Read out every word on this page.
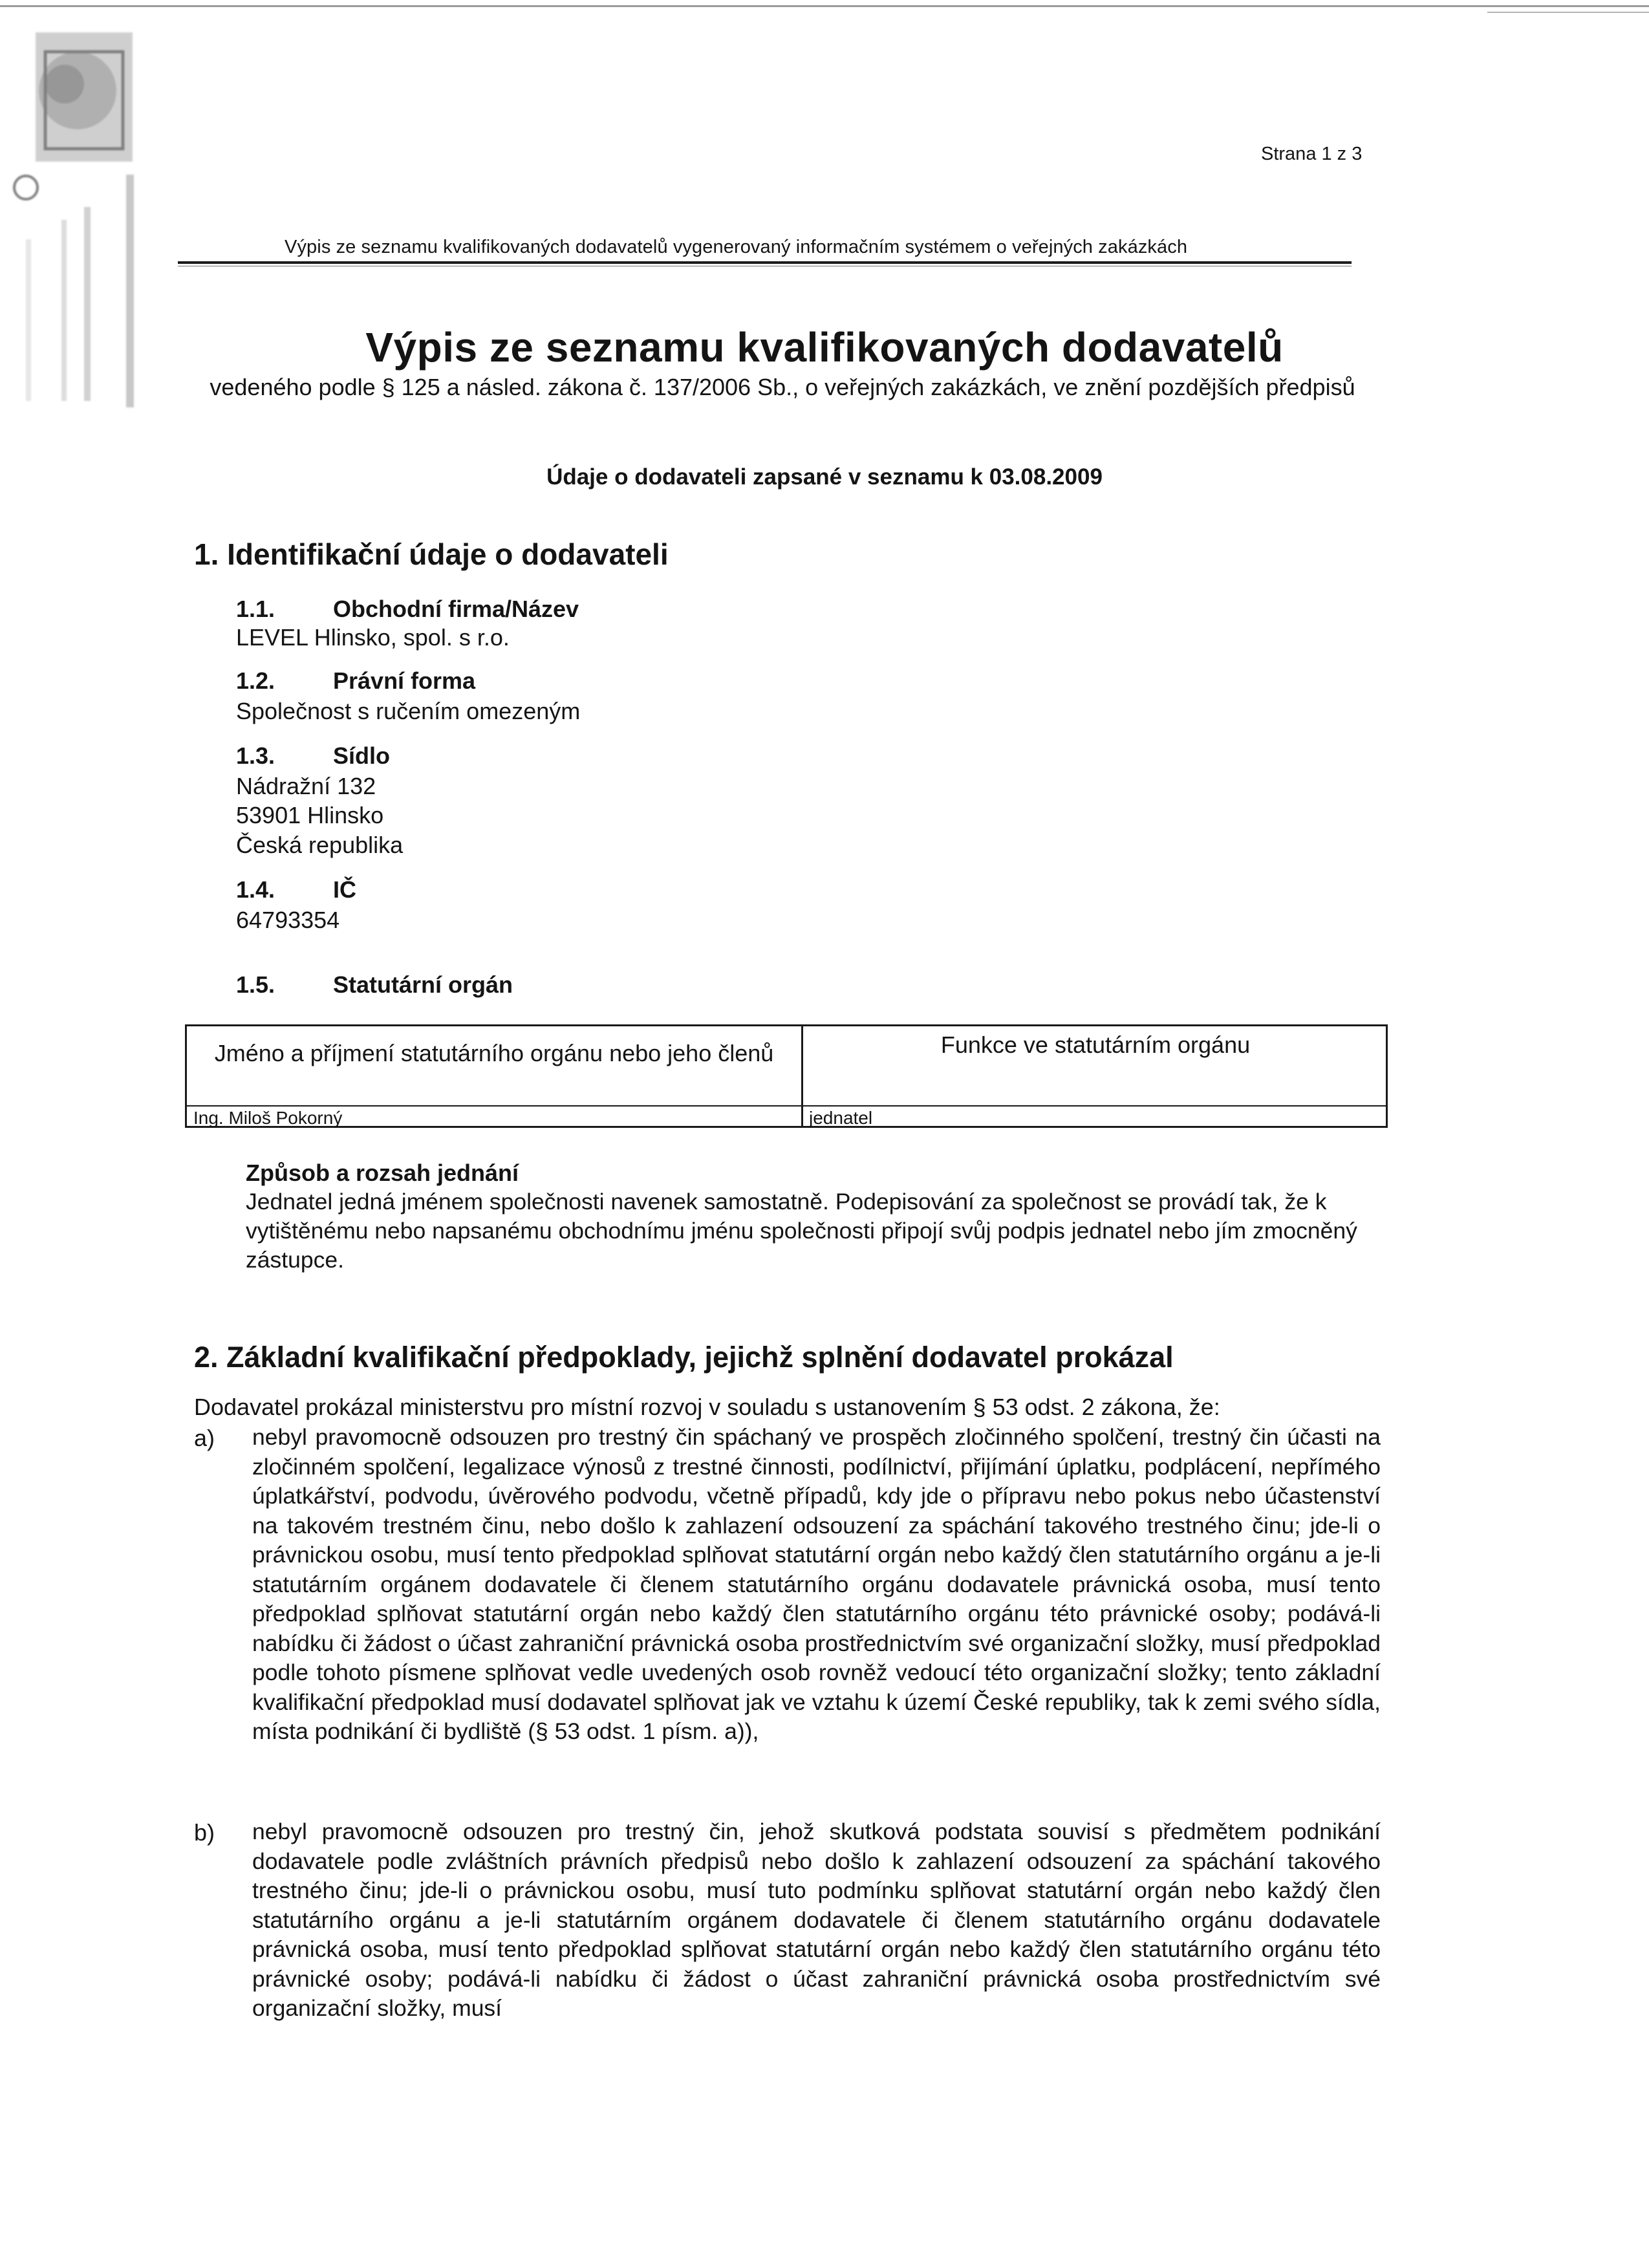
Strana 1 z 3
Výpis ze seznamu kvalifikovaných dodavatelů vygenerovaný informačním systémem o veřejných zakázkách
Výpis ze seznamu kvalifikovaných dodavatelů
vedeného podle § 125 a násled. zákona č. 137/2006 Sb., o veřejných zakázkách, ve znění pozdějších předpisů
Údaje o dodavateli zapsané v seznamu k 03.08.2009
1. Identifikační údaje o dodavateli
1.1. Obchodní firma/Název
LEVEL Hlinsko, spol. s r.o.
1.2. Právní forma
Společnost s ručením omezeným
1.3. Sídlo
Nádražní 132
53901 Hlinsko
Česká republika
1.4. IČ
64793354
1.5. Statutární orgán
Jméno a příjmení statutárního orgánu nebo jeho členů	Funkce ve statutárním orgánu
Ing. Miloš Pokorný	jednatel
Způsob a rozsah jednání
Jednatel jedná jménem společnosti navenek samostatně. Podepisování za společnost se provádí tak, že k vytištěnému nebo napsanému obchodnímu jménu společnosti připojí svůj podpis jednatel nebo jím zmocněný zástupce.
2. Základní kvalifikační předpoklady, jejichž splnění dodavatel prokázal
Dodavatel prokázal ministerstvu pro místní rozvoj v souladu s ustanovením § 53 odst. 2 zákona, že:
a) nebyl pravomocně odsouzen pro trestný čin spáchaný ve prospěch zločinného spolčení, trestný čin účasti na zločinném spolčení, legalizace výnosů z trestné činnosti, podílnictví, přijímání úplatku, podplácení, nepřímého úplatkářství, podvodu, úvěrového podvodu, včetně případů, kdy jde o přípravu nebo pokus nebo účastenství na takovém trestném činu, nebo došlo k zahlazení odsouzení za spáchání takového trestného činu; jde-li o právnickou osobu, musí tento předpoklad splňovat statutární orgán nebo každý člen statutárního orgánu a je-li statutárním orgánem dodavatele či členem statutárního orgánu dodavatele právnická osoba, musí tento předpoklad splňovat statutární orgán nebo každý člen statutárního orgánu této právnické osoby; podává-li nabídku či žádost o účast zahraniční právnická osoba prostřednictvím své organizační složky, musí předpoklad podle tohoto písmene splňovat vedle uvedených osob rovněž vedoucí této organizační složky; tento základní kvalifikační předpoklad musí dodavatel splňovat jak ve vztahu k území České republiky, tak k zemi svého sídla, místa podnikání či bydliště (§ 53 odst. 1 písm. a)),
b) nebyl pravomocně odsouzen pro trestný čin, jehož skutková podstata souvisí s předmětem podnikání dodavatele podle zvláštních právních předpisů nebo došlo k zahlazení odsouzení za spáchání takového trestného činu; jde-li o právnickou osobu, musí tuto podmínku splňovat statutární orgán nebo každý člen statutárního orgánu a je-li statutárním orgánem dodavatele či členem statutárního orgánu dodavatele právnická osoba, musí tento předpoklad splňovat statutární orgán nebo každý člen statutárního orgánu této právnické osoby; podává-li nabídku či žádost o účast zahraniční právnická osoba prostřednictvím své organizační složky, musí
